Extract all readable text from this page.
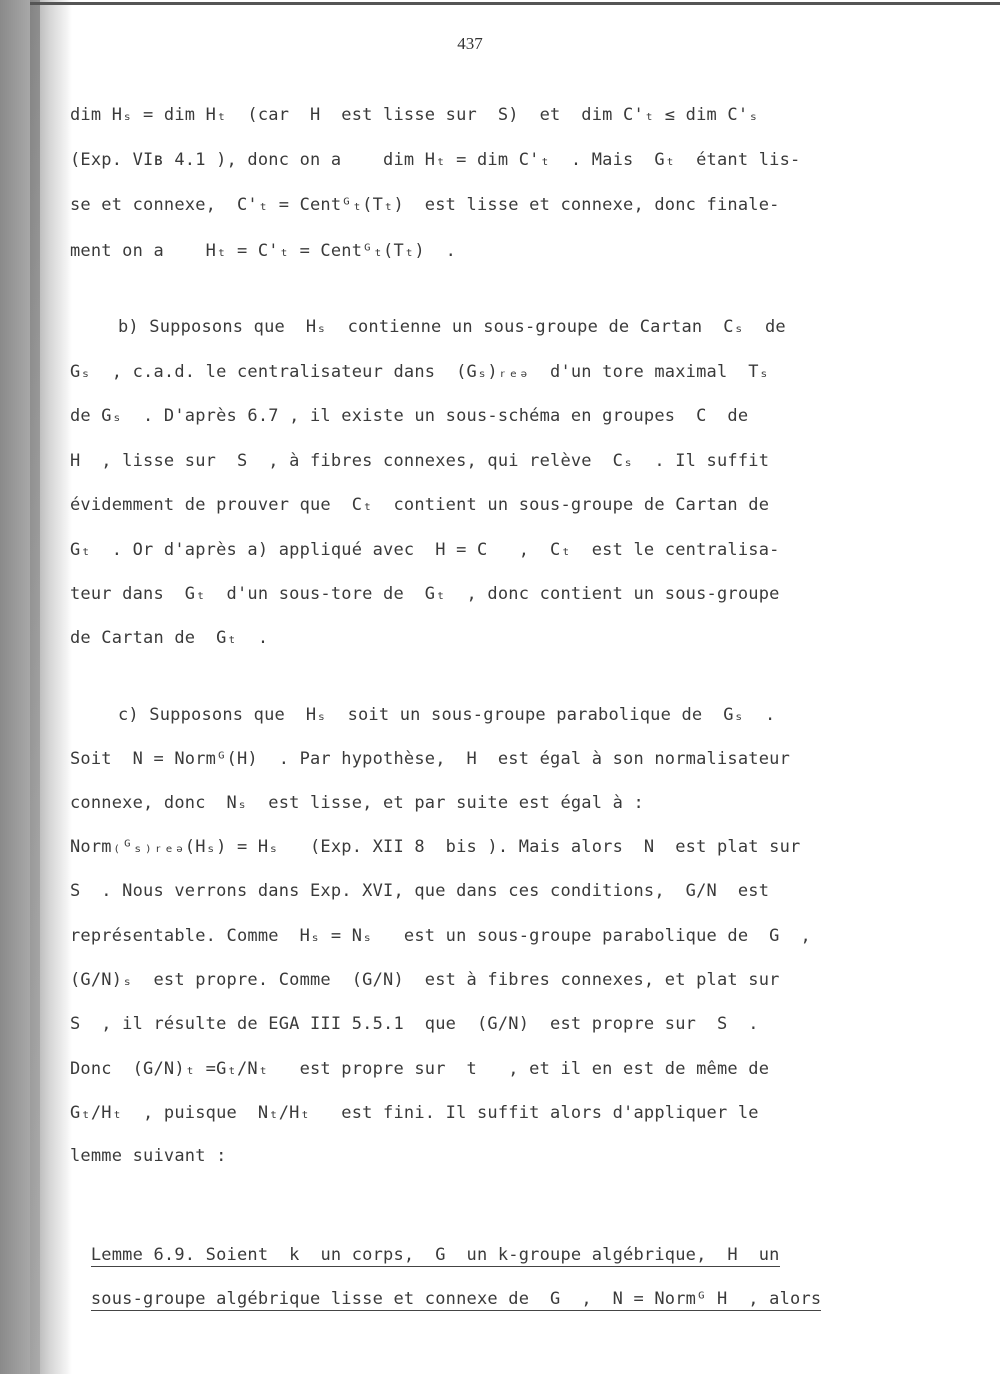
437
dim Hₛ = dim Hₜ  (car  H  est lisse sur  S)  et  dim C'ₜ ≤ dim C'ₛ
(Exp. VIʙ 4.1 ), donc on a    dim Hₜ = dim C'ₜ  . Mais  Gₜ  étant lis-
se et connexe,  C'ₜ = Centᴳₜ(Tₜ)  est lisse et connexe, donc finale-
ment on a    Hₜ = C'ₜ = Centᴳₜ(Tₜ)  .
b) Supposons que  Hₛ  contienne un sous-groupe de Cartan  Cₛ  de
Gₛ  , c.a.d. le centralisateur dans  (Gₛ)ᵣₑₔ  d'un tore maximal  Tₛ
de Gₛ  . D'après 6.7 , il existe un sous-schéma en groupes  C  de
H  , lisse sur  S  , à fibres connexes, qui relève  Cₛ  . Il suffit
évidemment de prouver que  Cₜ  contient un sous-groupe de Cartan de
Gₜ  . Or d'après a) appliqué avec  H = C   ,  Cₜ  est le centralisa-
teur dans  Gₜ  d'un sous-tore de  Gₜ  , donc contient un sous-groupe
de Cartan de  Gₜ  .
c) Supposons que  Hₛ  soit un sous-groupe parabolique de  Gₛ  .
Soit  N = Normᴳ(H)  . Par hypothèse,  H  est égal à son normalisateur
connexe, donc  Nₛ  est lisse, et par suite est égal à :
Norm₍ᴳₛ₎ᵣₑₔ(Hₛ) = Hₛ   (Exp. XII 8  bis ). Mais alors  N  est plat sur
S  . Nous verrons dans Exp. XVI, que dans ces conditions,  G/N  est
représentable. Comme  Hₛ = Nₛ   est un sous-groupe parabolique de  G  ,
(G/N)ₛ  est propre. Comme  (G/N)  est à fibres connexes, et plat sur
S  , il résulte de EGA III 5.5.1  que  (G/N)  est propre sur  S  .
Donc  (G/N)ₜ =Gₜ/Nₜ   est propre sur  t   , et il en est de même de
Gₜ/Hₜ  , puisque  Nₜ/Hₜ   est fini. Il suffit alors d'appliquer le
lemme suivant :

Lemme 6.9. Soient  k  un corps,  G  un k-groupe algébrique,  H  un

sous-groupe algébrique lisse et connexe de  G  ,  N = Normᴳ H  , alors
